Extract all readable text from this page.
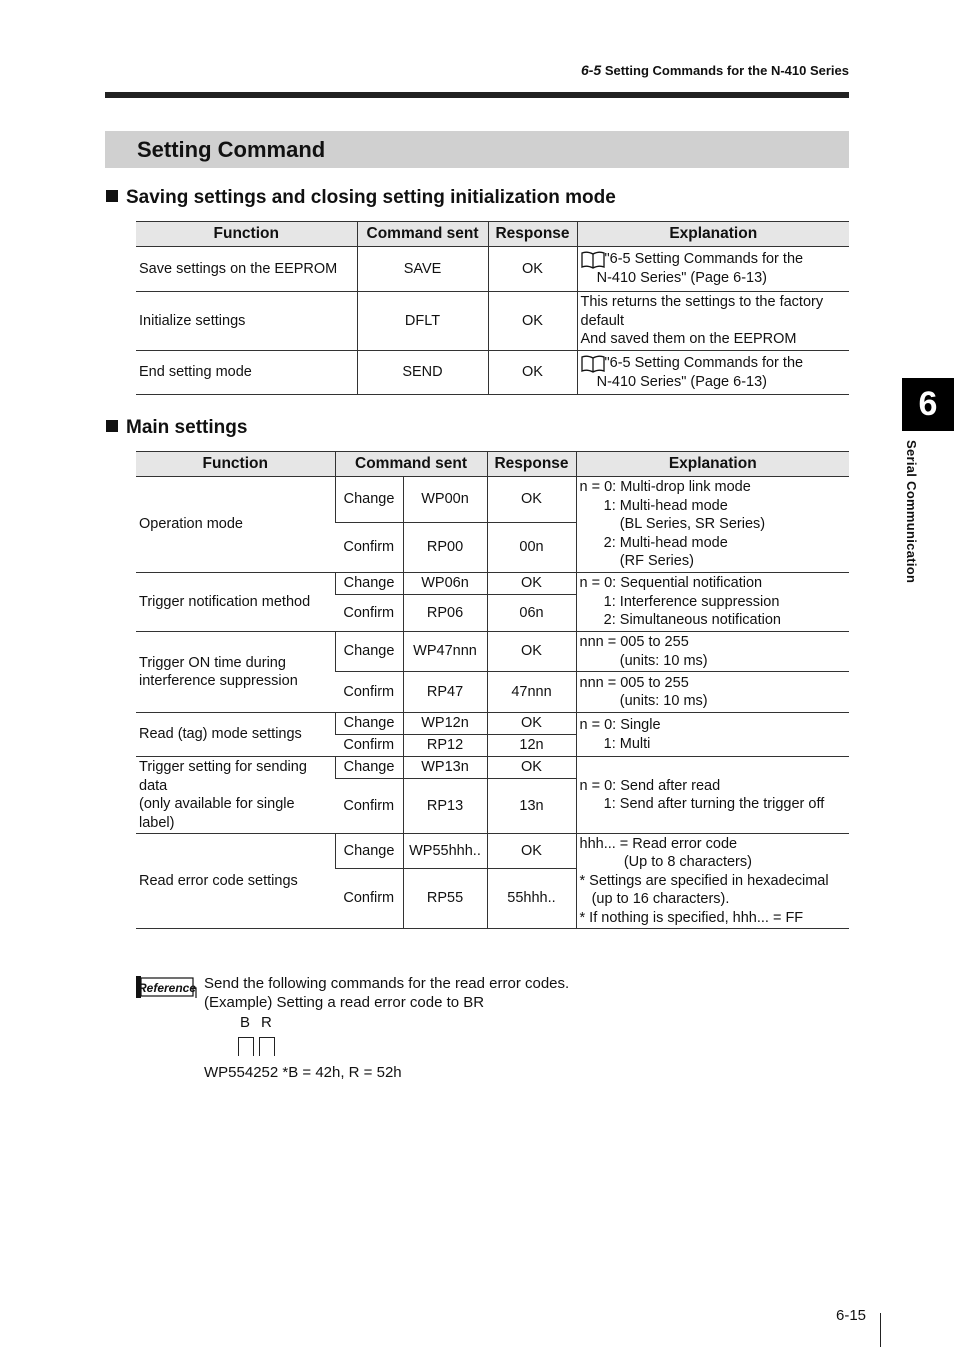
6-5 Setting Commands for the N-410 Series
Setting Command
Saving settings and closing setting initialization mode
Function	Command sent	Response	Explanation
Save settings on the EEPROM	SAVE	OK	"6-5 Setting Commands for the
N-410 Series" (Page 6-13)
Initialize settings	DFLT	OK	This returns the settings to the factory
default
And saved them on the EEPROM
End setting mode	SEND	OK	"6-5 Setting Commands for the
N-410 Series" (Page 6-13)
Main settings
Function	Command sent		Response	Explanation
Operation mode	Change	WP00n	OK	n = 0: Multi-drop link mode
1: Multi-head mode
(BL Series, SR Series)
2: Multi-head mode
(RF Series)
	Confirm	RP00	00n	
Trigger notification method	Change	WP06n	OK	n = 0: Sequential notification
1: Interference suppression
2: Simultaneous notification
	Confirm	RP06	06n	
Trigger ON time during
interference suppression	Change	WP47nnn	OK	nnn = 005 to 255
(units: 10 ms)
	Confirm	RP47	47nnn	nnn = 005 to 255
(units: 10 ms)
Read (tag) mode settings	Change	WP12n	OK	n = 0: Single
1: Multi
	Confirm	RP12	12n	
Trigger setting for sending
data
(only available for single
label)	Change	WP13n	OK	n = 0: Send after read
1: Send after turning the trigger off
	Confirm	RP13	13n	
Read error code settings	Change	WP55hhh..	OK	hhh... = Read error code
(Up to 8 characters)
* Settings are specified in hexadecimal
(up to 16 characters).
* If nothing is specified, hhh... = FF
	Confirm	RP55	55hhh..	
Reference Send the following commands for the read error codes.
(Example) Setting a read error code to BR
B R
WP554252 *B = 42h, R = 52h
6
Serial Communication
6-15
